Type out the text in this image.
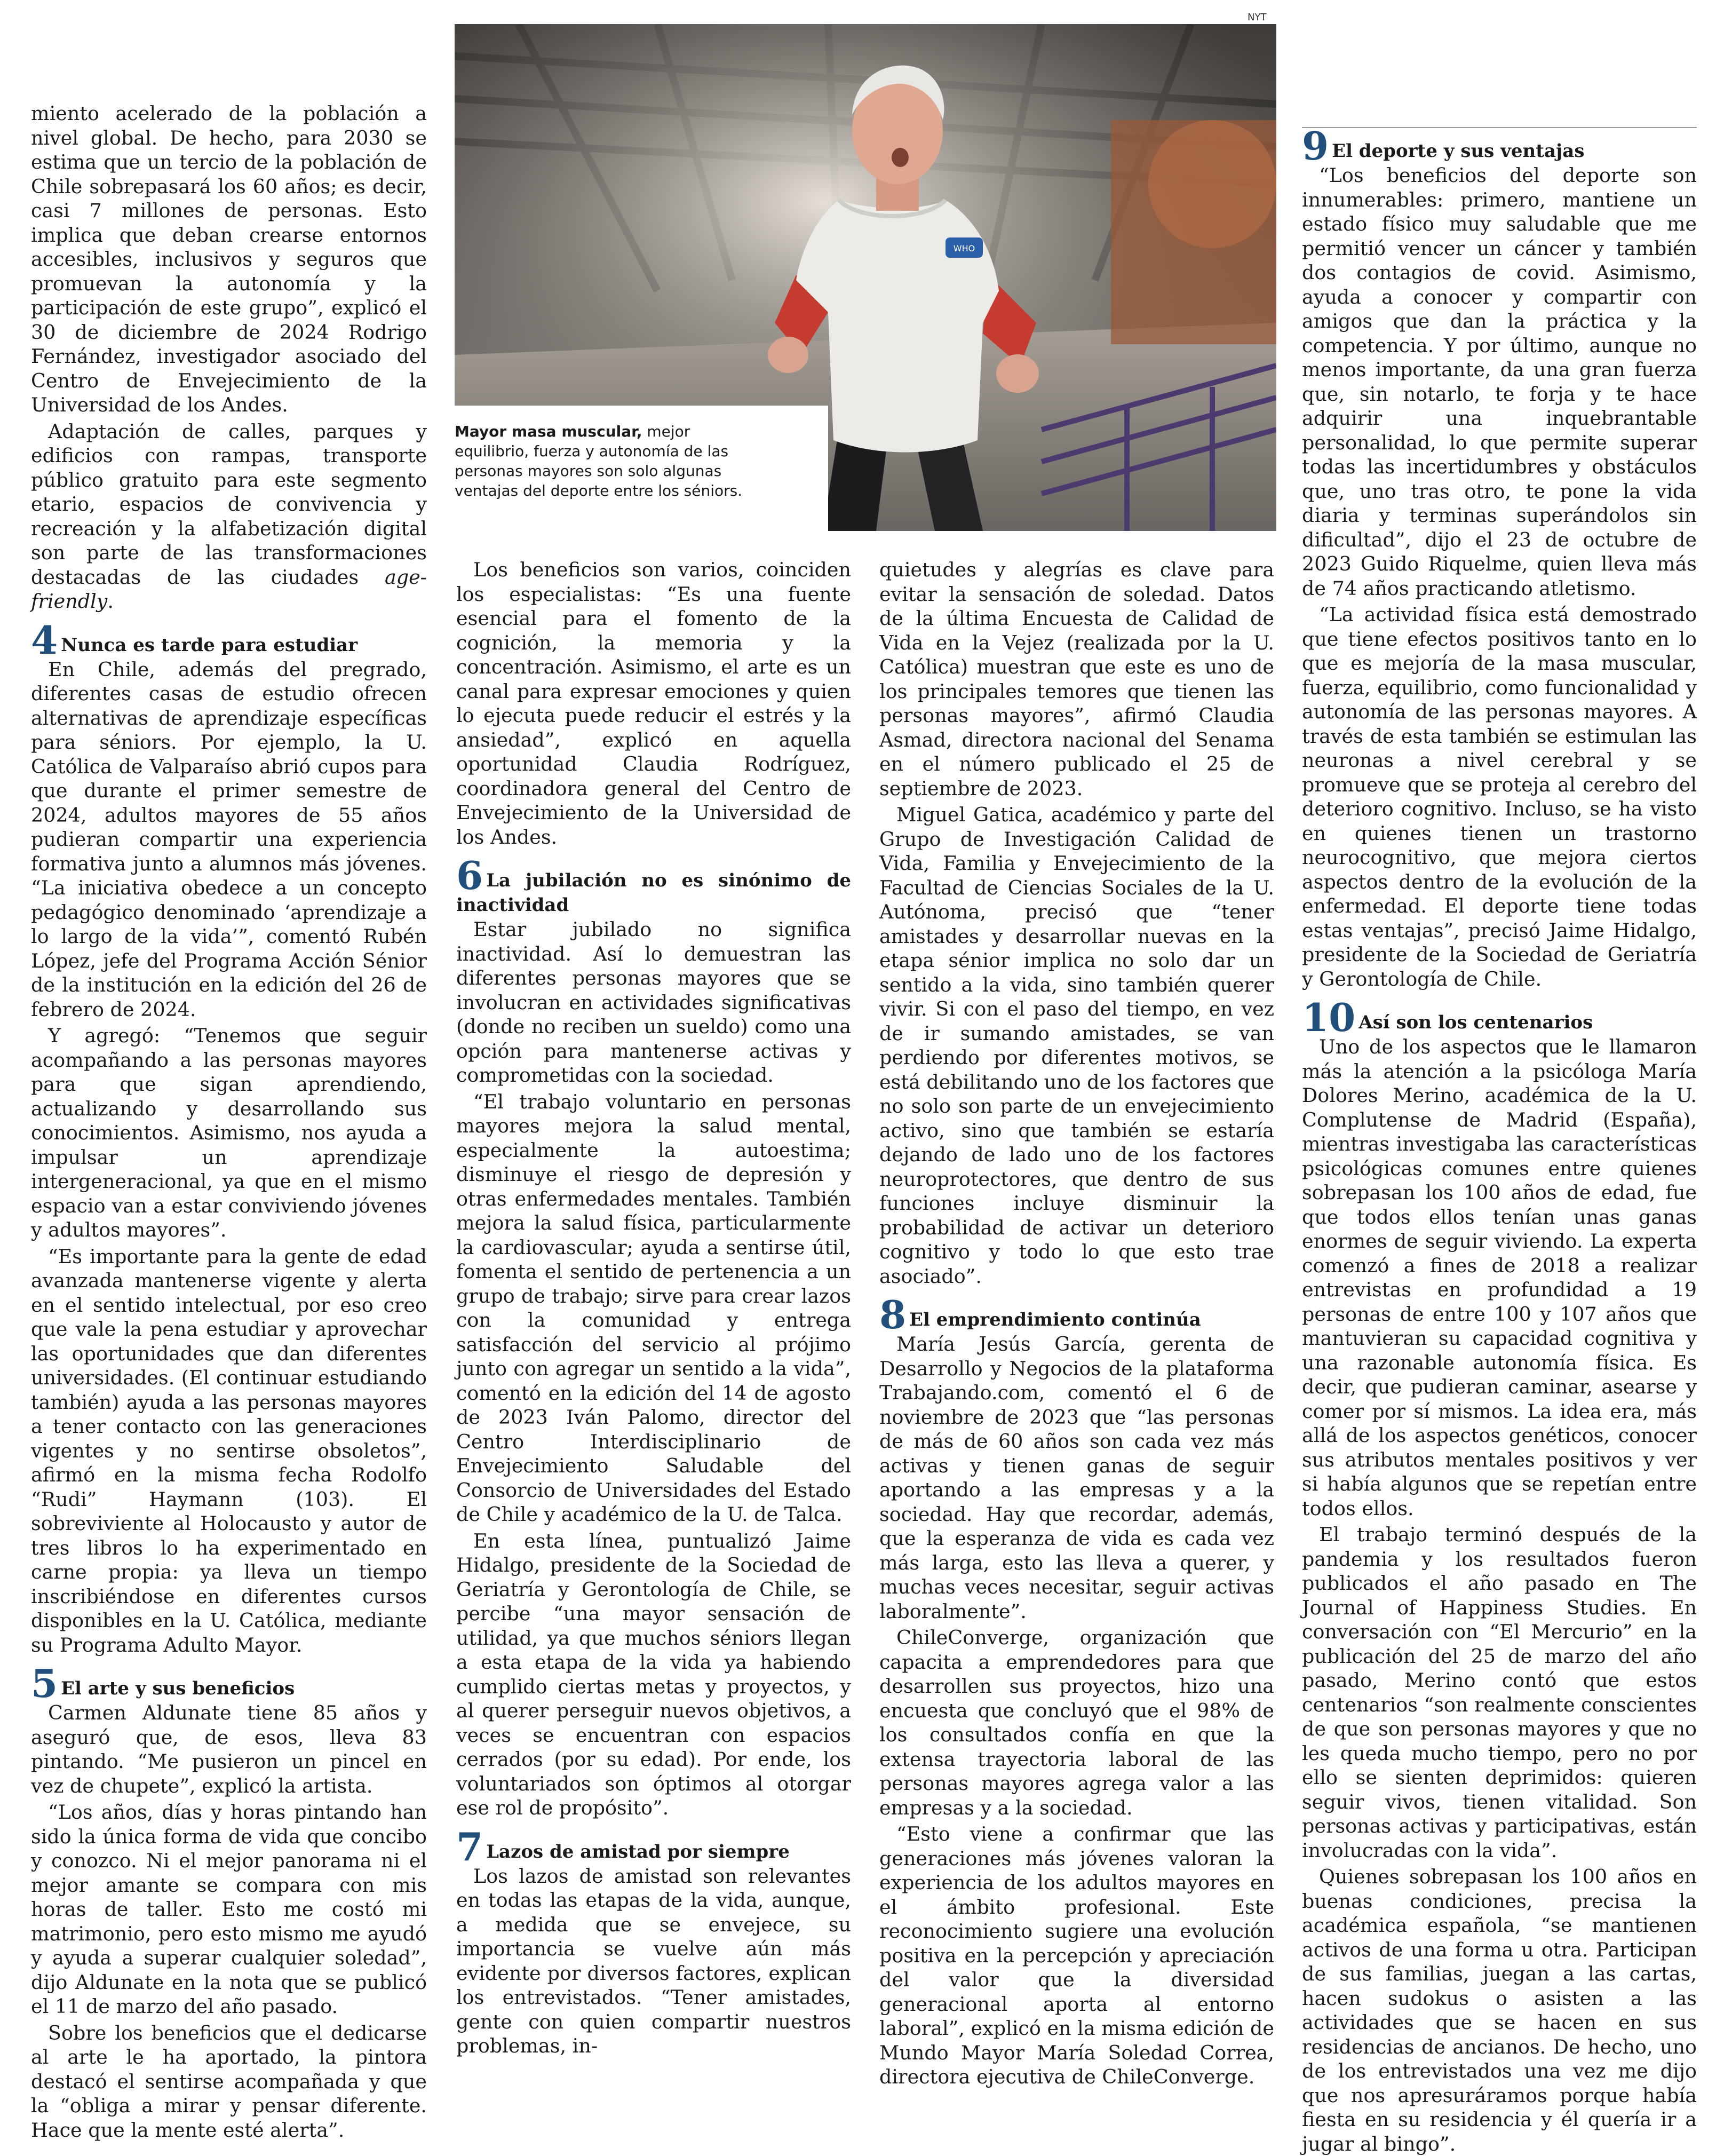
WHO
NYT
Mayor masa muscular, mejor equilibrio, fuerza y autonomía de las personas mayores son solo algunas ventajas del deporte entre los séniors.

miento acelerado de la población a nivel global. De hecho, para 2030 se estima que un tercio de la población de Chile sobrepasará los 60 años; es decir, casi 7 millones de personas. Esto implica que deban crearse entornos accesibles, inclusivos y seguros que promuevan la autonomía y la participación de este grupo”, explicó el 30 de diciembre de 2024 Rodrigo Fernández, investigador asociado del Centro de Envejecimiento de la Universidad de los Andes.

Adaptación de calles, parques y edificios con rampas, transporte público gratuito para este segmento etario, espacios de convivencia y recreación y la alfabetización digital son parte de las transformaciones destacadas de las ciudades age-friendly.

4 Nunca es tarde para estudiar

En Chile, además del pregrado, diferentes casas de estudio ofrecen alternativas de aprendizaje específicas para séniors. Por ejemplo, la U. Católica de Valparaíso abrió cupos para que durante el primer semestre de 2024, adultos mayores de 55 años pudieran compartir una experiencia formativa junto a alumnos más jóvenes. “La iniciativa obedece a un concepto pedagógico denominado ‘aprendizaje a lo largo de la vida’”, comentó Rubén López, jefe del Programa Acción Sénior de la institución en la edición del 26 de febrero de 2024.

Y agregó: “Tenemos que seguir acompañando a las personas mayores para que sigan aprendiendo, actualizando y desarrollando sus conocimientos. Asimismo, nos ayuda a impulsar un aprendizaje intergeneracional, ya que en el mismo espacio van a estar conviviendo jóvenes y adultos mayores”.

“Es importante para la gente de edad avanzada mantenerse vigente y alerta en el sentido intelectual, por eso creo que vale la pena estudiar y aprovechar las oportunidades que dan diferentes universidades. (El continuar estudiando también) ayuda a las personas mayores a tener contacto con las generaciones vigentes y no sentirse obsoletos”, afirmó en la misma fecha Rodolfo “Rudi” Haymann (103). El sobreviviente al Holocausto y autor de tres libros lo ha experimentado en carne propia: ya lleva un tiempo inscribiéndose en diferentes cursos disponibles en la U. Católica, mediante su Programa Adulto Mayor.

5 El arte y sus beneficios

Carmen Aldunate tiene 85 años y aseguró que, de esos, lleva 83 pintando. “Me pusieron un pincel en vez de chupete”, explicó la artista.

“Los años, días y horas pintando han sido la única forma de vida que concibo y conozco. Ni el mejor panorama ni el mejor amante se compara con mis horas de taller. Esto me costó mi matrimonio, pero esto mismo me ayudó y ayuda a superar cualquier soledad”, dijo Aldunate en la nota que se publicó el 11 de marzo del año pasado.

Sobre los beneficios que el dedicarse al arte le ha aportado, la pintora destacó el sentirse acompañada y que la “obliga a mirar y pensar diferente. Hace que la mente esté alerta”.

Los beneficios son varios, coinciden los especialistas: “Es una fuente esencial para el fomento de la cognición, la memoria y la concentración. Asimismo, el arte es un canal para expresar emociones y quien lo ejecuta puede reducir el estrés y la ansiedad”, explicó en aquella oportunidad Claudia Rodríguez, coordinadora general del Centro de Envejecimiento de la Universidad de los Andes.

6 La jubilación no es sinónimo de inactividad

Estar jubilado no significa inactividad. Así lo demuestran las diferentes personas mayores que se involucran en actividades significativas (donde no reciben un sueldo) como una opción para mantenerse activas y comprometidas con la sociedad.

“El trabajo voluntario en personas mayores mejora la salud mental, especialmente la autoestima; disminuye el riesgo de depresión y otras enfermedades mentales. También mejora la salud física, particularmente la cardiovascular; ayuda a sentirse útil, fomenta el sentido de pertenencia a un grupo de trabajo; sirve para crear lazos con la comunidad y entrega satisfacción del servicio al prójimo junto con agregar un sentido a la vida”, comentó en la edición del 14 de agosto de 2023 Iván Palomo, director del Centro Interdisciplinario de Envejecimiento Saludable del Consorcio de Universidades del Estado de Chile y académico de la U. de Talca.

En esta línea, puntualizó Jaime Hidalgo, presidente de la Sociedad de Geriatría y Gerontología de Chile, se percibe “una mayor sensación de utilidad, ya que muchos séniors llegan a esta etapa de la vida ya habiendo cumplido ciertas metas y proyectos, y al querer perseguir nuevos objetivos, a veces se encuentran con espacios cerrados (por su edad). Por ende, los voluntariados son óptimos al otorgar ese rol de propósito”.

7 Lazos de amistad por siempre

Los lazos de amistad son relevantes en todas las etapas de la vida, aunque, a medida que se envejece, su importancia se vuelve aún más evidente por diversos factores, explican los entrevistados. “Tener amistades, gente con quien compartir nuestros problemas, in-

quietudes y alegrías es clave para evitar la sensación de soledad. Datos de la última Encuesta de Calidad de Vida en la Vejez (realizada por la U. Católica) muestran que este es uno de los principales temores que tienen las personas mayores”, afirmó Claudia Asmad, directora nacional del Senama en el número publicado el 25 de septiembre de 2023.

Miguel Gatica, académico y parte del Grupo de Investigación Calidad de Vida, Familia y Envejecimiento de la Facultad de Ciencias Sociales de la U. Autónoma, precisó que “tener amistades y desarrollar nuevas en la etapa sénior implica no solo dar un sentido a la vida, sino también querer vivir. Si con el paso del tiempo, en vez de ir sumando amistades, se van perdiendo por diferentes motivos, se está debilitando uno de los factores que no solo son parte de un envejecimiento activo, sino que también se estaría dejando de lado uno de los factores neuroprotectores, que dentro de sus funciones incluye disminuir la probabilidad de activar un deterioro cognitivo y todo lo que esto trae asociado”.

8 El emprendimiento continúa

María Jesús García, gerenta de Desarrollo y Negocios de la plataforma Trabajando.com, comentó el 6 de noviembre de 2023 que “las personas de más de 60 años son cada vez más activas y tienen ganas de seguir aportando a las empresas y a la sociedad. Hay que recordar, además, que la esperanza de vida es cada vez más larga, esto las lleva a querer, y muchas veces necesitar, seguir activas laboralmente”.

ChileConverge, organización que capacita a emprendedores para que desarrollen sus proyectos, hizo una encuesta que concluyó que el 98% de los consultados confía en que la extensa trayectoria laboral de las personas mayores agrega valor a las empresas y a la sociedad.

“Esto viene a confirmar que las generaciones más jóvenes valoran la experiencia de los adultos mayores en el ámbito profesional. Este reconocimiento sugiere una evolución positiva en la percepción y apreciación del valor que la diversidad generacional aporta al entorno laboral”, explicó en la misma edición de Mundo Mayor María Soledad Correa, directora ejecutiva de ChileConverge.

9 El deporte y sus ventajas

“Los beneficios del deporte son innumerables: primero, mantiene un estado físico muy saludable que me permitió vencer un cáncer y también dos contagios de covid. Asimismo, ayuda a conocer y compartir con amigos que dan la práctica y la competencia. Y por último, aunque no menos importante, da una gran fuerza que, sin notarlo, te forja y te hace adquirir una inquebrantable personalidad, lo que permite superar todas las incertidumbres y obstáculos que, uno tras otro, te pone la vida diaria y terminas superándolos sin dificultad”, dijo el 23 de octubre de 2023 Guido Riquelme, quien lleva más de 74 años practicando atletismo.

“La actividad física está demostrado que tiene efectos positivos tanto en lo que es mejoría de la masa muscular, fuerza, equilibrio, como funcionalidad y autonomía de las personas mayores. A través de esta también se estimulan las neuronas a nivel cerebral y se promueve que se proteja al cerebro del deterioro cognitivo. Incluso, se ha visto en quienes tienen un trastorno neurocognitivo, que mejora ciertos aspectos dentro de la evolución de la enfermedad. El deporte tiene todas estas ventajas”, precisó Jaime Hidalgo, presidente de la Sociedad de Geriatría y Gerontología de Chile.

10 Así son los centenarios

Uno de los aspectos que le llamaron más la atención a la psicóloga María Dolores Merino, académica de la U. Complutense de Madrid (España), mientras investigaba las características psicológicas comunes entre quienes sobrepasan los 100 años de edad, fue que todos ellos tenían unas ganas enormes de seguir viviendo. La experta comenzó a fines de 2018 a realizar entrevistas en profundidad a 19 personas de entre 100 y 107 años que mantuvieran su capacidad cognitiva y una razonable autonomía física. Es decir, que pudieran caminar, asearse y comer por sí mismos. La idea era, más allá de los aspectos genéticos, conocer sus atributos mentales positivos y ver si había algunos que se repetían entre todos ellos.

El trabajo terminó después de la pandemia y los resultados fueron publicados el año pasado en The Journal of Happiness Studies. En conversación con “El Mercurio” en la publicación del 25 de marzo del año pasado, Merino contó que estos centenarios “son realmente conscientes de que son personas mayores y que no les queda mucho tiempo, pero no por ello se sienten deprimidos: quieren seguir vivos, tienen vitalidad. Son personas activas y participativas, están involucradas con la vida”.

Quienes sobrepasan los 100 años en buenas condiciones, precisa la académica española, “se mantienen activos de una forma u otra. Participan de sus familias, juegan a las cartas, hacen sudokus o asisten a las actividades que se hacen en sus residencias de ancianos. De hecho, uno de los entrevistados una vez me dijo que nos apresuráramos porque había fiesta en su residencia y él quería ir a jugar al bingo”.
